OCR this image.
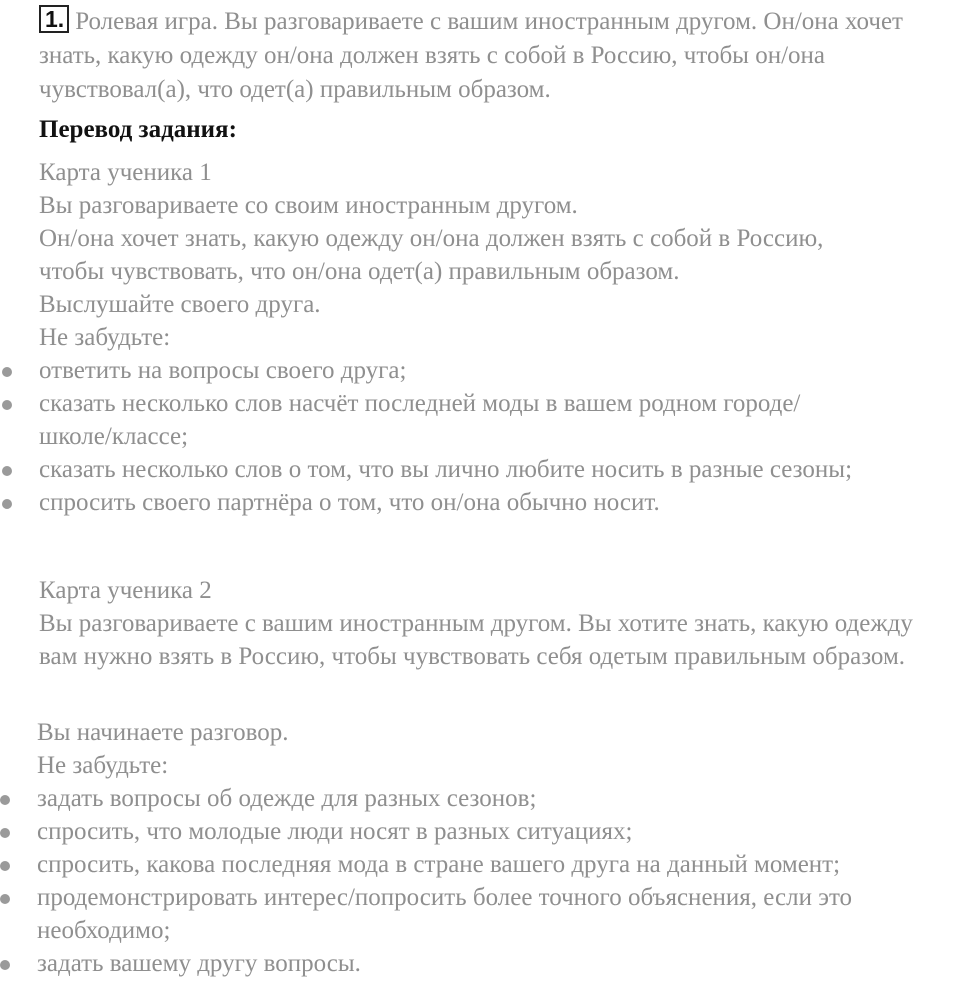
1. Ролевая игра. Вы разговариваете с вашим иностранным другом. Он/она хочет знать, какую одежду он/она должен взять с собой в Россию, чтобы он/она чувствовал(а), что одет(а) правильным образом.
Перевод задания:
Карта ученика 1
Вы разговариваете со своим иностранным другом.
Он/она хочет знать, какую одежду он/она должен взять с собой в Россию,
чтобы чувствовать, что он/она одет(а) правильным образом.
Выслушайте своего друга.
Не забудьте:
ответить на вопросы своего друга;
сказать несколько слов насчёт последней моды в вашем родном городе/школе/классе;
сказать несколько слов о том, что вы лично любите носить в разные сезоны;
спросить своего партнёра о том, что он/она обычно носит.
Карта ученика 2
Вы разговариваете с вашим иностранным другом. Вы хотите знать, какую одежду вам нужно взять в Россию, чтобы чувствовать себя одетым правильным образом.
Вы начинаете разговор.
Не забудьте:
задать вопросы об одежде для разных сезонов;
спросить, что молодые люди носят в разных ситуациях;
спросить, какова последняя мода в стране вашего друга на данный момент;
продемонстрировать интерес/попросить более точного объяснения, если это необходимо;
задать вашему другу вопросы.
